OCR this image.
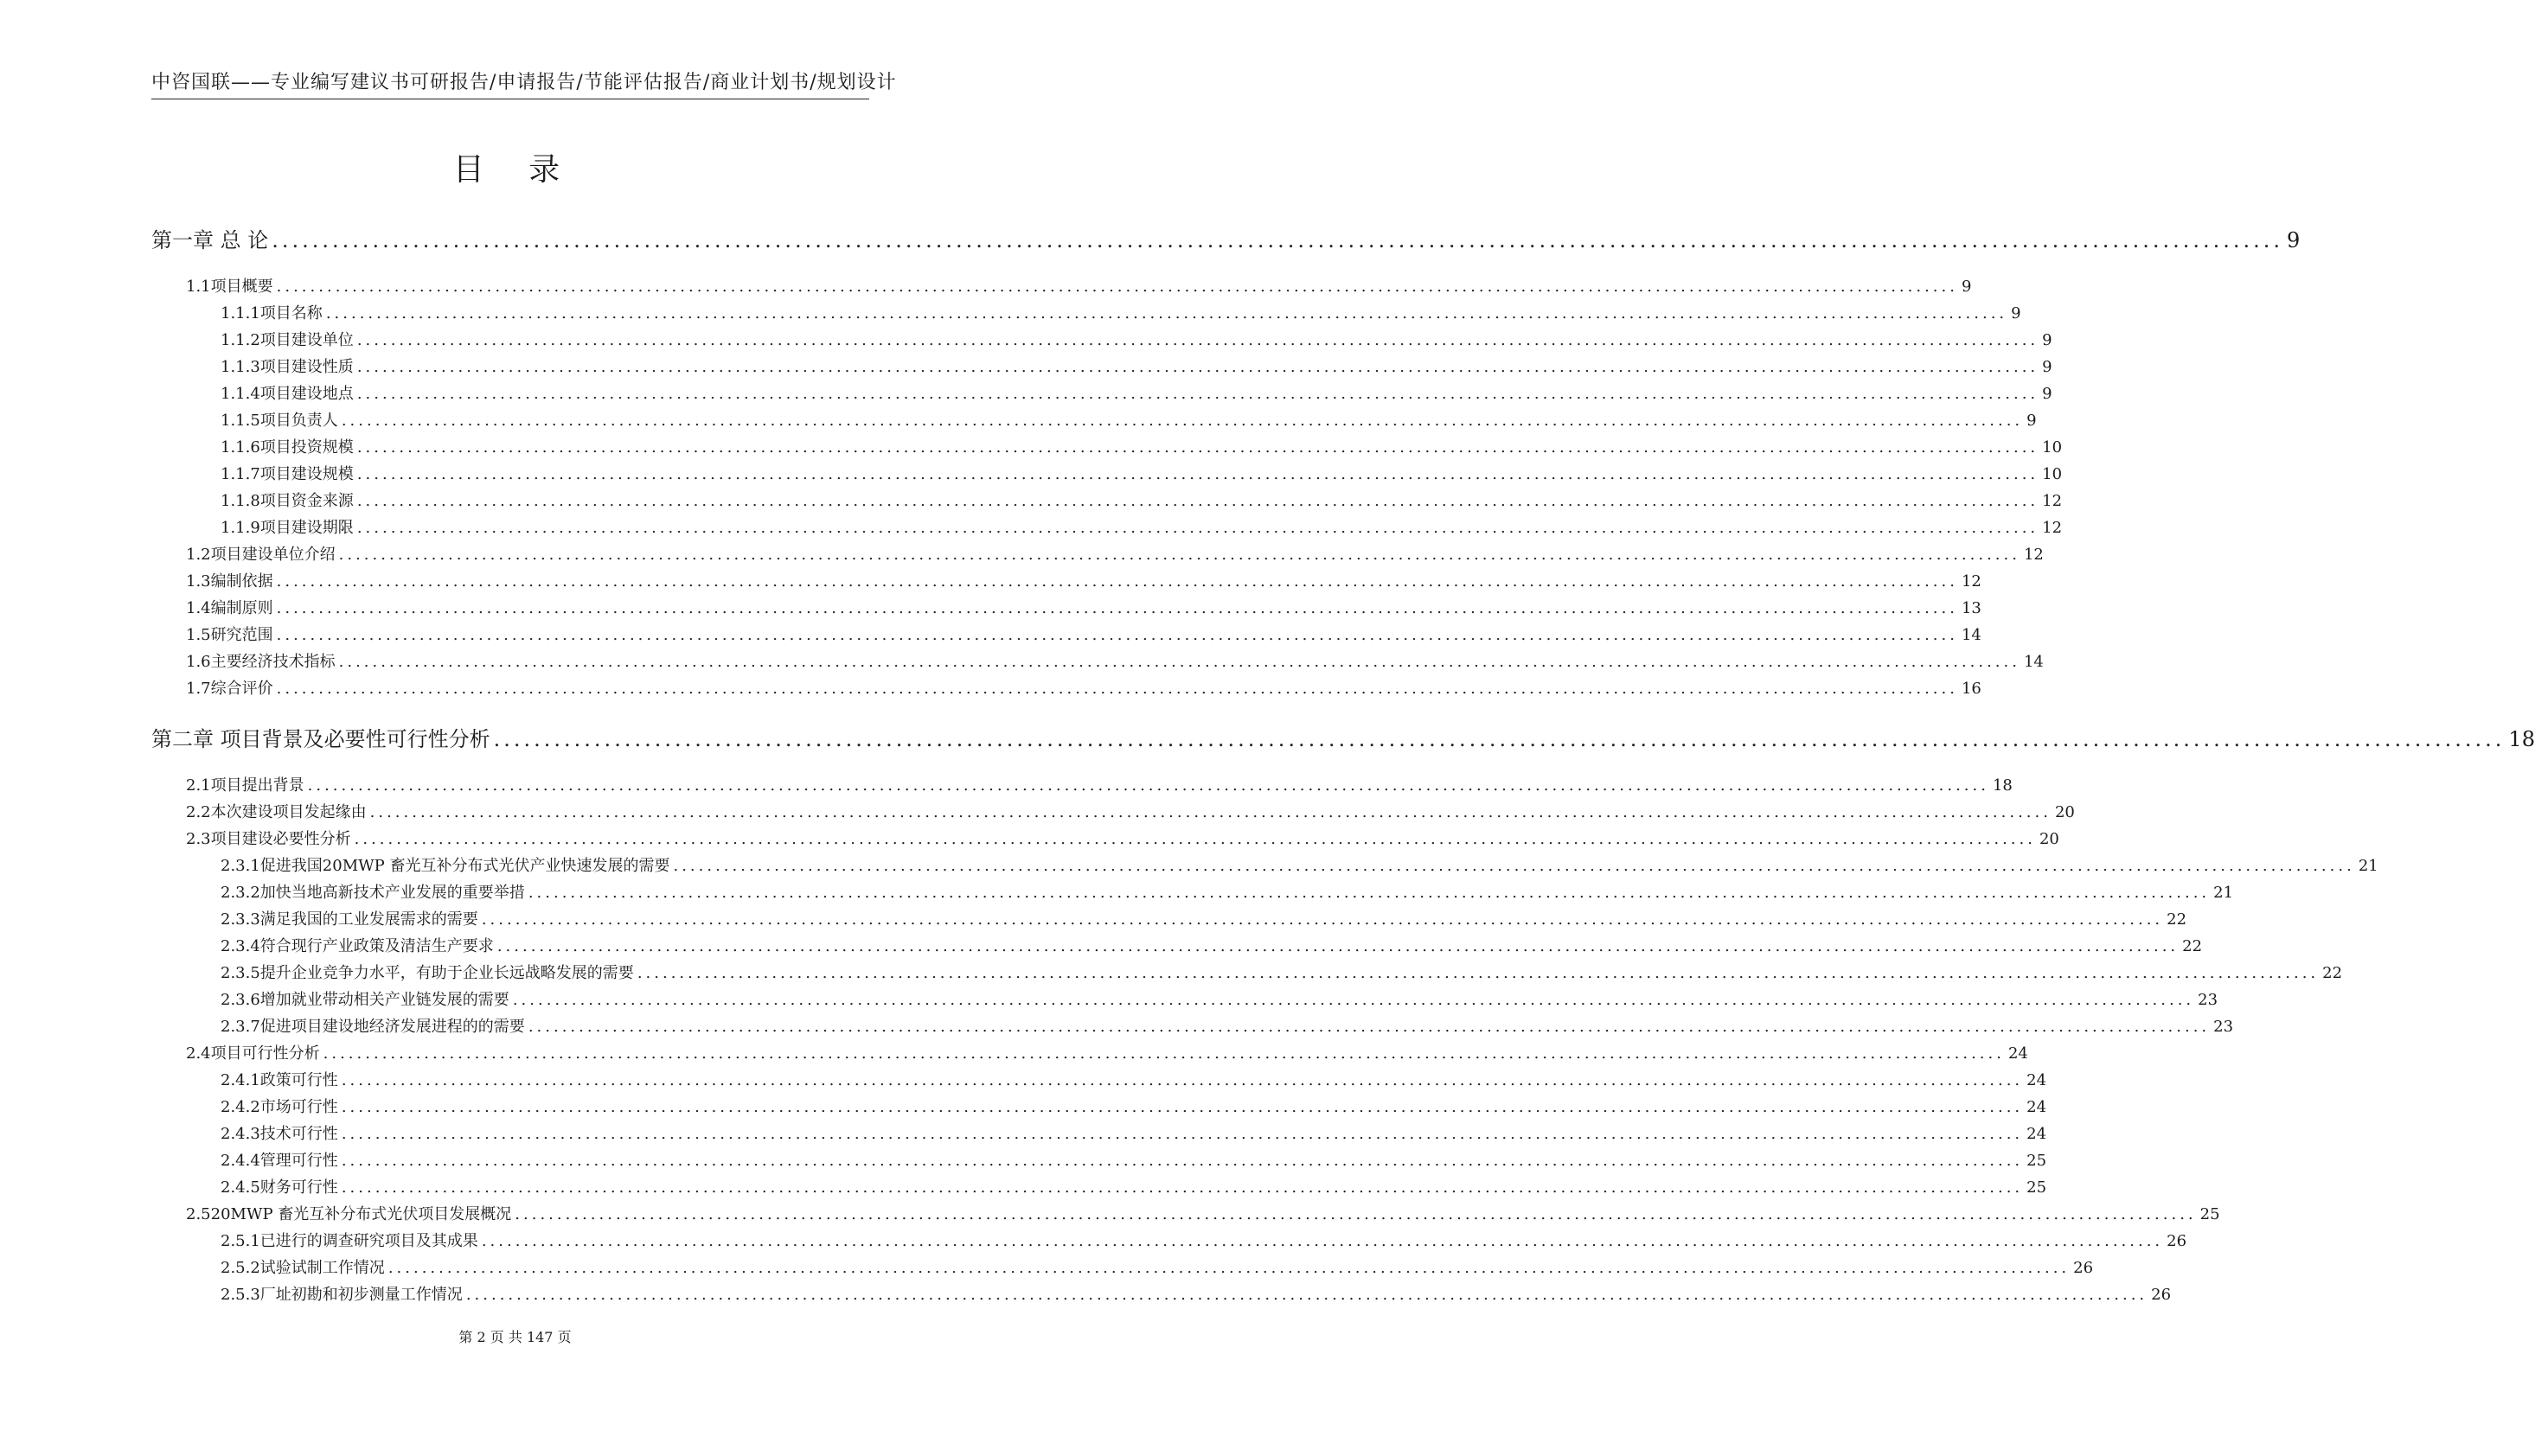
中咨国联——专业编写建议书可研报告/申请报告/节能评估报告/商业计划书/规划设计
目 录
第一章 总 论 ........................................................................................................................................................................................................ 9
1.1项目概要 ........................................................................................................................................................................................................ 9
1.1.1项目名称 ........................................................................................................................................................................................................ 9
1.1.2项目建设单位 ........................................................................................................................................................................................................ 9
1.1.3项目建设性质 ........................................................................................................................................................................................................ 9
1.1.4项目建设地点 ........................................................................................................................................................................................................ 9
1.1.5项目负责人 ........................................................................................................................................................................................................ 9
1.1.6项目投资规模 ........................................................................................................................................................................................................ 10
1.1.7项目建设规模 ........................................................................................................................................................................................................ 10
1.1.8项目资金来源 ........................................................................................................................................................................................................ 12
1.1.9项目建设期限 ........................................................................................................................................................................................................ 12
1.2项目建设单位介绍 ........................................................................................................................................................................................................ 12
1.3编制依据 ........................................................................................................................................................................................................ 12
1.4编制原则 ........................................................................................................................................................................................................ 13
1.5研究范围 ........................................................................................................................................................................................................ 14
1.6主要经济技术指标 ........................................................................................................................................................................................................ 14
1.7综合评价 ........................................................................................................................................................................................................ 16
第二章 项目背景及必要性可行性分析 ........................................................................................................................................................................................................ 18
2.1项目提出背景 ........................................................................................................................................................................................................ 18
2.2本次建设项目发起缘由 ........................................................................................................................................................................................................ 20
2.3项目建设必要性分析 ........................................................................................................................................................................................................ 20
2.3.1促进我国20MWP 畜光互补分布式光伏产业快速发展的需要 ........................................................................................................................................................................................................ 21
2.3.2加快当地高新技术产业发展的重要举措 ........................................................................................................................................................................................................ 21
2.3.3满足我国的工业发展需求的需要 ........................................................................................................................................................................................................ 22
2.3.4符合现行产业政策及清洁生产要求 ........................................................................................................................................................................................................ 22
2.3.5提升企业竞争力水平，有助于企业长远战略发展的需要 ........................................................................................................................................................................................................ 22
2.3.6增加就业带动相关产业链发展的需要 ........................................................................................................................................................................................................ 23
2.3.7促进项目建设地经济发展进程的的需要 ........................................................................................................................................................................................................ 23
2.4项目可行性分析 ........................................................................................................................................................................................................ 24
2.4.1政策可行性 ........................................................................................................................................................................................................ 24
2.4.2市场可行性 ........................................................................................................................................................................................................ 24
2.4.3技术可行性 ........................................................................................................................................................................................................ 24
2.4.4管理可行性 ........................................................................................................................................................................................................ 25
2.4.5财务可行性 ........................................................................................................................................................................................................ 25
2.520MWP 畜光互补分布式光伏项目发展概况 ........................................................................................................................................................................................................ 25
2.5.1已进行的调查研究项目及其成果 ........................................................................................................................................................................................................ 26
2.5.2试验试制工作情况 ........................................................................................................................................................................................................ 26
2.5.3厂址初勘和初步测量工作情况 ........................................................................................................................................................................................................ 26
第 2 页 共 147 页
